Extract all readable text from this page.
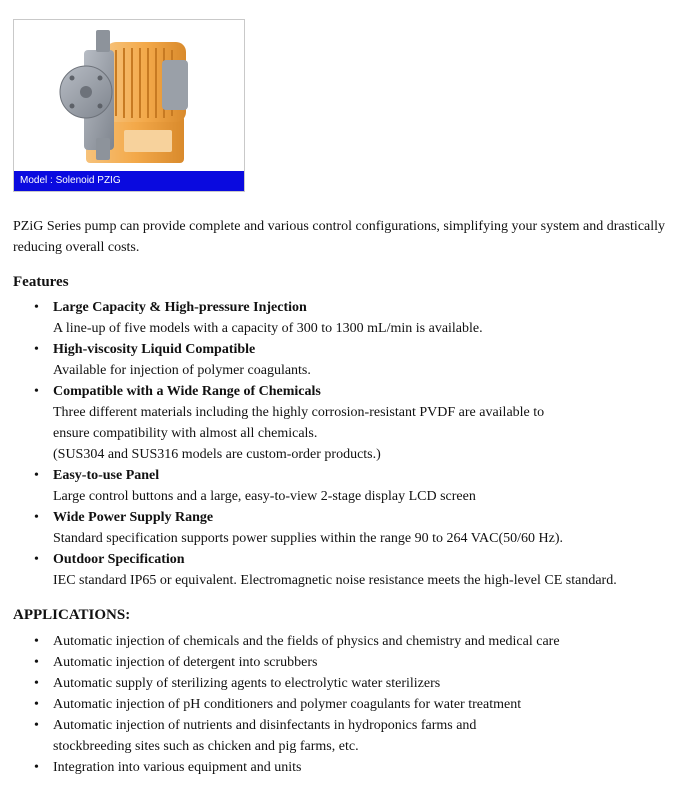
Model : Solenoid PZIG

PZiG Series pump can provide complete and various control configurations, simplifying your system and drastically reducing overall costs.

Features
• Large Capacity & High-pressure Injection
A line-up of five models with a capacity of 300 to 1300 mL/min is available.
• High-viscosity Liquid Compatible
Available for injection of polymer coagulants.
• Compatible with a Wide Range of Chemicals
Three different materials including the highly corrosion-resistant PVDF are available to
ensure compatibility with almost all chemicals.
(SUS304 and SUS316 models are custom-order products.)
• Easy-to-use Panel
Large control buttons and a large, easy-to-view 2-stage display LCD screen
• Wide Power Supply Range
Standard specification supports power supplies within the range 90 to 264 VAC(50/60 Hz).
• Outdoor Specification
IEC standard IP65 or equivalent. Electromagnetic noise resistance meets the high-level CE standard.
APPLICATIONS:
• Automatic injection of chemicals and the fields of physics and chemistry and medical care
• Automatic injection of detergent into scrubbers
• Automatic supply of sterilizing agents to electrolytic water sterilizers
• Automatic injection of pH conditioners and polymer coagulants for water treatment
• Automatic injection of nutrients and disinfectants in hydroponics farms and
stockbreeding sites such as chicken and pig farms, etc.
• Integration into various equipment and units
